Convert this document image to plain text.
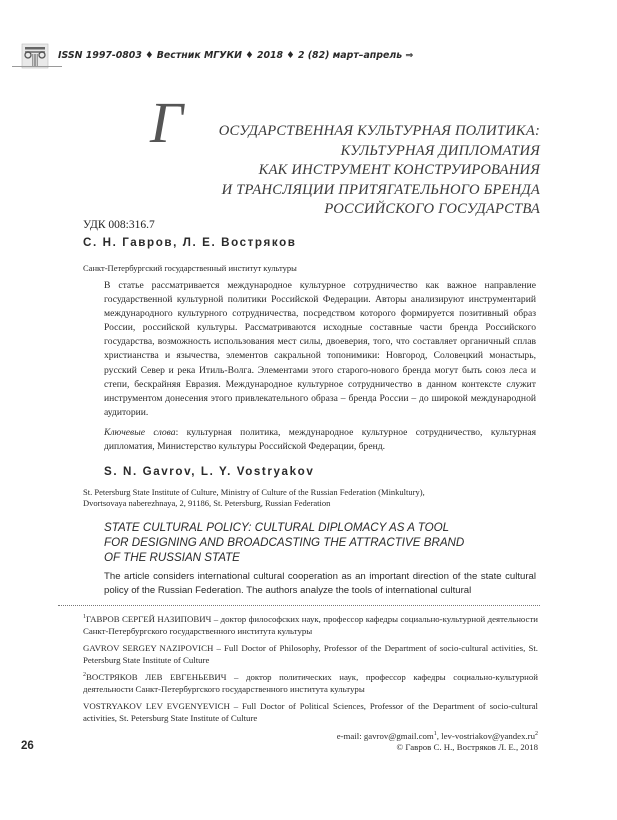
ISSN 1997-0803 ♦ Вестник МГУКИ ♦ 2018 ♦ 2 (82) март–апрель ⇒
Г	ОСУДАРСТВЕННАЯ КУЛЬТУРНАЯ ПОЛИТИКА:
КУЛЬТУРНАЯ ДИПЛОМАТИЯ
КАК ИНСТРУМЕНТ КОНСТРУИРОВАНИЯ
И ТРАНСЛЯЦИИ ПРИТЯГАТЕЛЬНОГО БРЕНДА
РОССИЙСКОГО ГОСУДАРСТВА
УДК 008:316.7
С. Н. Гавров, Л. Е. Востряков
Санкт-Петербургский государственный институт культуры
В статье рассматривается международное культурное сотрудничество как важное направление государственной культурной политики Российской Федерации. Авторы анализируют инструментарий международного культурного сотрудничества, посредством которого формируется позитивный образ России, российской культуры. Рассматриваются исходные составные части бренда Российского государства, возможность использования мест силы, двоеверия, того, что составляет органичный сплав христианства и язычества, элементов сакральной топонимики: Новгород, Соловецкий монастырь, русский Север и река Итиль-Волга. Элементами этого старого-нового бренда могут быть союз леса и степи, бескрайняя Евразия. Международное культурное сотрудничество в данном контексте служит инструментом донесения этого привлекательного образа – бренда России – до широкой международной аудитории.
Ключевые слова: культурная политика, международное культурное сотрудничество, культурная дипломатия, Министерство культуры Российской Федерации, бренд.
S. N. Gavrov, L. Y. Vostryakov
St. Petersburg State Institute of Culture, Ministry of Culture of the Russian Federation (Minkultury),
Dvortsovaya naberezhnaya, 2, 91186, St. Petersburg, Russian Federation
STATE CULTURAL POLICY: CULTURAL DIPLOMACY AS A TOOL
FOR DESIGNING AND BROADCASTING THE ATTRACTIVE BRAND
OF THE RUSSIAN STATE
The article considers international cultural cooperation as an important direction of the state cultural policy of the Russian Federation. The authors analyze the tools of international cultural
$^1$ГАВРОВ СЕРГЕЙ НАЗИПОВИЧ – доктор философских наук, профессор кафедры социально-культурной деятельности Санкт-Петербургского государственного института культуры
GAVROV SERGEY NAZIPOVICH – Full Doctor of Philosophy, Professor of the Department of socio-cultural activities, St. Petersburg State Institute of Culture
$^2$ВОСТРЯКОВ ЛЕВ ЕВГЕНЬЕВИЧ – доктор политических наук, профессор кафедры социально-культурной деятельности Санкт-Петербургского государственного института культуры
VOSTRYAKOV LEV EVGENYEVICH – Full Doctor of Political Sciences, Professor of the Department of socio-cultural activities, St. Petersburg State Institute of Culture
e-mail: gavrov@gmail.com$^1$, lev-$vostriakov@yandex.ru^2$
© Гавров С. Н., Востряков Л. Е., 2018
26
